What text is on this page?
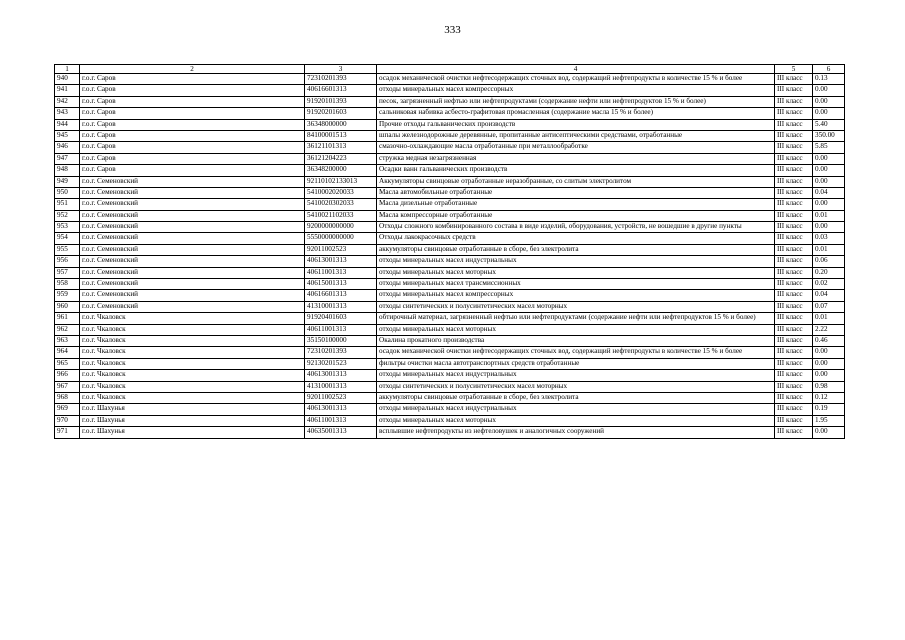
333
1	2	3	4	5	6
940	г.о.г. Саров	72310201393	осадок механической очистки нефтесодержащих сточных вод, содержащий нефтепродукты в количестве 15 % и более	III класс	0.13
941	г.о.г. Саров	40616601313	отходы минеральных масел компрессорных	III класс	0.00
942	г.о.г. Саров	91920101393	песок, загрязненный нефтью или нефтепродуктами (содержание нефти или нефтепродуктов 15 % и более)	III класс	0.00
943	г.о.г. Саров	91920201603	сальниковая набивка асбесто-графитовая промасленная (содержание масла 15 % и более)	III класс	0.00
944	г.о.г. Саров	36348000000	Прочие отходы гальванических производств	III класс	5.40
945	г.о.г. Саров	84100001513	шпалы железнодорожные деревянные, пропитанные антисептическими средствами, отработанные	III класс	350.00
946	г.о.г. Саров	36121101313	смазочно-охлаждающие масла отработанные при металлообработке	III класс	5.85
947	г.о.г. Саров	36121204223	стружка медная незагрязненная	III класс	0.00
948	г.о.г. Саров	36348200000	Осадки ванн гальванических производств	III класс	0.00
949	г.о.г. Семеновский	92110102133013	Аккумуляторы свинцовые отработанные неразобранные, со слитым электролитом	III класс	0.00
950	г.о.г. Семеновский	5410002020033	Масла автомобильные отработанные	III класс	0.04
951	г.о.г. Семеновский	5410020302033	Масла дизельные отработанные	III класс	0.00
952	г.о.г. Семеновский	5410021102033	Масла компрессорные отработанные	III класс	0.01
953	г.о.г. Семеновский	9200000000000	Отходы сложного комбинированного состава в виде изделий, оборудования, устройств, не вошедшие в другие пункты	III класс	0.00
954	г.о.г. Семеновский	5550000000000	Отходы лакокрасочных средств	III класс	0.03
955	г.о.г. Семеновский	92011002523	аккумуляторы свинцовые отработанные в сборе, без электролита	III класс	0.01
956	г.о.г. Семеновский	40613001313	отходы минеральных масел индустриальных	III класс	0.06
957	г.о.г. Семеновский	40611001313	отходы минеральных масел моторных	III класс	0.20
958	г.о.г. Семеновский	40615001313	отходы минеральных масел трансмиссионных	III класс	0.02
959	г.о.г. Семеновский	40616601313	отходы минеральных масел компрессорных	III класс	0.04
960	г.о.г. Семеновский	41310001313	отходы синтетических и полусинтетических масел моторных	III класс	0.07
961	г.о.г. Чкаловск	91920401603	обтирочный материал, загрязненный нефтью или нефтепродуктами (содержание нефти или нефтепродуктов 15 % и более)	III класс	0.01
962	г.о.г. Чкаловск	40611001313	отходы минеральных масел моторных	III класс	2.22
963	г.о.г. Чкаловск	35150100000	Окалина прокатного производства	III класс	0.46
964	г.о.г. Чкаловск	72310201393	осадок механической очистки нефтесодержащих сточных вод, содержащий нефтепродукты в количестве 15 % и более	III класс	0.00
965	г.о.г. Чкаловск	92130201523	фильтры очистки масла автотранспортных средств отработанные	III класс	0.00
966	г.о.г. Чкаловск	40613001313	отходы минеральных масел индустриальных	III класс	0.00
967	г.о.г. Чкаловск	41310001313	отходы синтетических и полусинтетических масел моторных	III класс	0.98
968	г.о.г. Чкаловск	92011002523	аккумуляторы свинцовые отработанные в сборе, без электролита	III класс	0.12
969	г.о.г. Шахунья	40613001313	отходы минеральных масел индустриальных	III класс	0.19
970	г.о.г. Шахунья	40611001313	отходы минеральных масел моторных	III класс	1.95
971	г.о.г. Шахунья	40635001313	всплывшие нефтепродукты из нефтеловушек и аналогичных сооружений	III класс	0.00
